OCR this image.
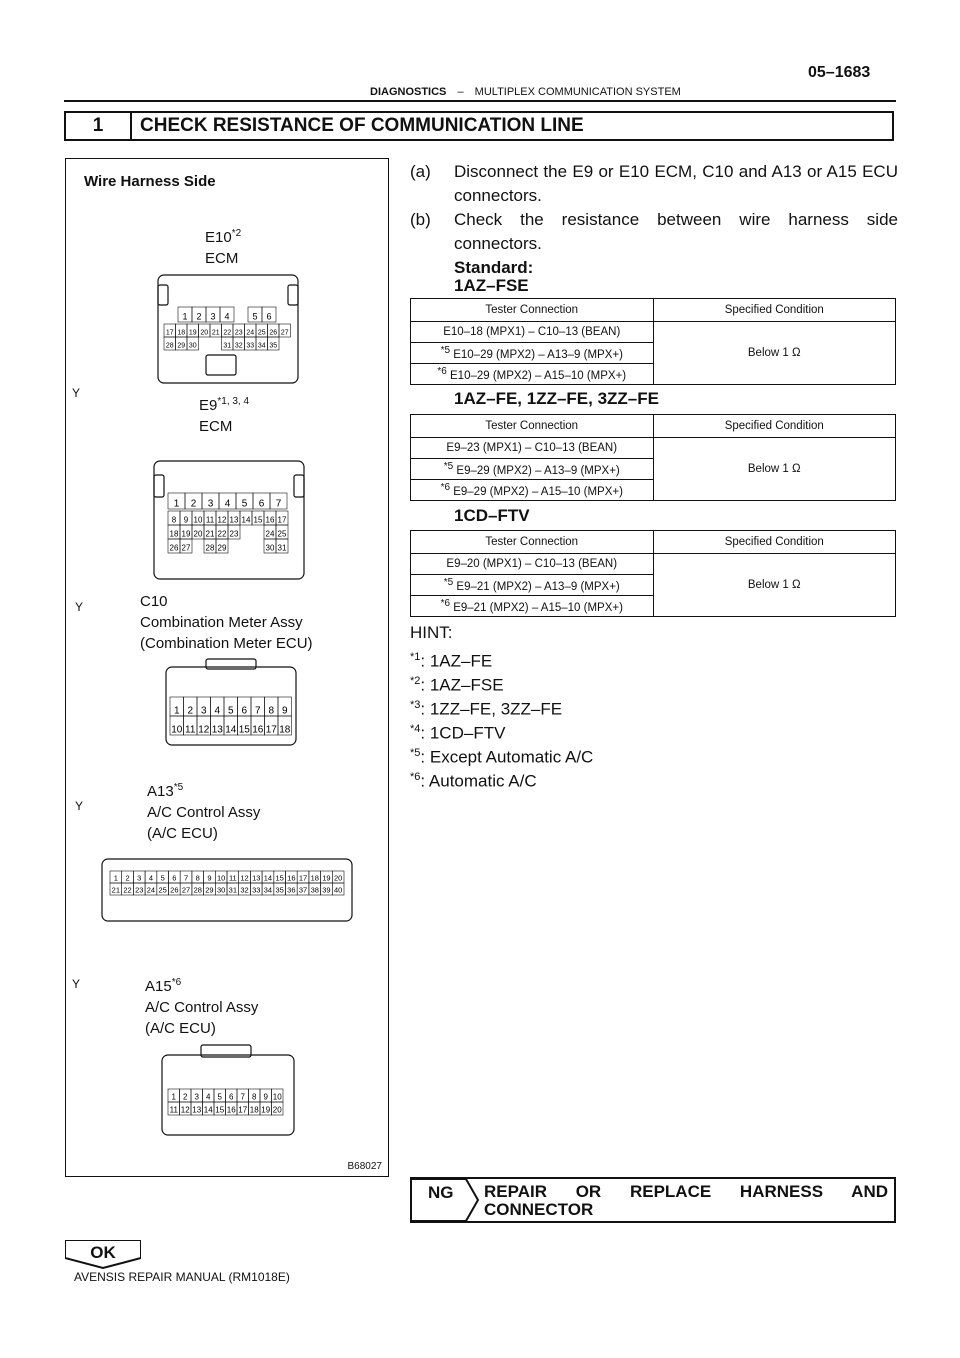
05–1683
DIAGNOSTICS – MULTIPLEX COMMUNICATION SYSTEM
1	CHECK RESISTANCE OF COMMUNICATION LINE
1 2 3 4	5 6
17 18 19 20 21 22 23 24 25 26 27
28 29 30	31 32 33 34 35
1 2 3 4 5 6 7
8 9 10 11 12 13 14 15 16 17
18 19 20 21 22 23	24 25
26 27 28 29	30 31
1 2 3 4 5 6 7 8 9
10 11 12 13 14 15 16 17 18
1 2 3 4 5 6 7 8 9 10 11 12 13 14 15 16 17 18 19 20
21 22 23 24 25 26 27 28 29 30 31 32 33 34 35 36 37 38 39 40
1 2 3 4 5 6 7 8 9 10
11 12 13 14 15 16 17 18 19 20
Wire Harness Side
E10$^{*2}$
ECM
Y
E9$^{*1, 3, 4}$
ECM
Y	C10
Combination Meter Assy
(Combination Meter ECU)
Y
A13$^{*5}$
A/C Control Assy
(A/C ECU)
Y	A15$^{*6}$
A/C Control Assy
(A/C ECU)
B68027
(a) Disconnect the E9 or E10 ECM, C10 and A13 or A15 ECU connectors.
(b) Check the resistance between wire harness side connectors.
Standard:
1AZ–FSE
Tester Connection	Specified Condition
E10–18 (MPX1) – C10–13 (BEAN)	Below 1 Ω
$^{*5}$ E10–29 (MPX2) – A13–9 (MPX+)	
$^{*6}$ E10–29 (MPX2) – A15–10 (MPX+)	
1AZ–FE, 1ZZ–FE, 3ZZ–FE
Tester Connection	Specified Condition
E9–23 (MPX1) – C10–13 (BEAN)	Below 1 Ω
$^{*5}$ E9–29 (MPX2) – A13–9 (MPX+)	
$^{*6}$ E9–29 (MPX2) – A15–10 (MPX+)	
1CD–FTV
Tester Connection	Specified Condition
E9–20 (MPX1) – C10–13 (BEAN)	Below 1 Ω
$^{*5}$ E9–21 (MPX2) – A13–9 (MPX+)	
$^{*6}$ E9–21 (MPX2) – A15–10 (MPX+)	
HINT:
$^{*1}$: 1AZ–FE
$^{*2}$: 1AZ–FSE
$^{*3}$: 1ZZ–FE, 3ZZ–FE
$^{*4}$: 1CD–FTV
$^{*5}$: Except Automatic A/C
$^{*6}$: Automatic A/C
NG REPAIR OR REPLACE HARNESS AND CONNECTOR
OK
AVENSIS REPAIR MANUAL (RM1018E)
